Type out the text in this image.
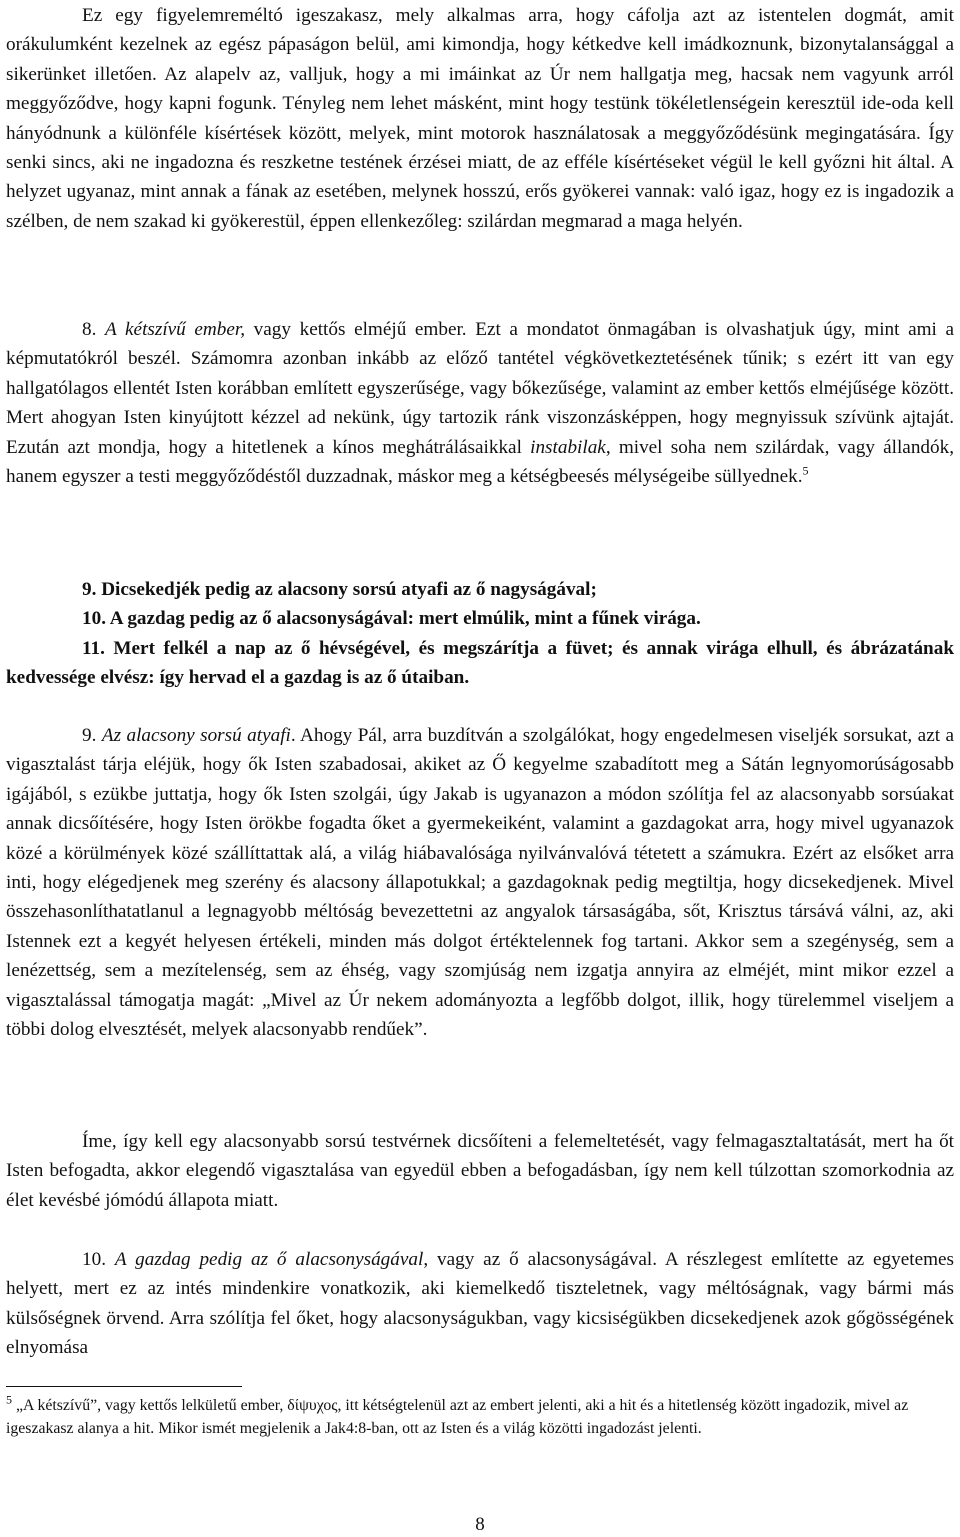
Ez egy figyelemreméltó igeszakasz, mely alkalmas arra, hogy cáfolja azt az istentelen dogmát, amit orákulumként kezelnek az egész pápaságon belül, ami kimondja, hogy kétkedve kell imádkoznunk, bizonytalansággal a sikerünket illetően. Az alapelv az, valljuk, hogy a mi imáinkat az Úr nem hallgatja meg, hacsak nem vagyunk arról meggyőződve, hogy kapni fogunk. Tényleg nem lehet másként, mint hogy testünk tökéletlenségein keresztül ide-oda kell hányódnunk a különféle kísértések között, melyek, mint motorok használatosak a meggyőződésünk megingatására. Így senki sincs, aki ne ingadozna és reszketne testének érzései miatt, de az efféle kísértéseket végül le kell győzni hit által. A helyzet ugyanaz, mint annak a fának az esetében, melynek hosszú, erős gyökerei vannak: való igaz, hogy ez is ingadozik a szélben, de nem szakad ki gyökerestül, éppen ellenkezőleg: szilárdan megmarad a maga helyén.

8. A kétszívű ember, vagy kettős elméjű ember. Ezt a mondatot önmagában is olvashatjuk úgy, mint ami a képmutatókról beszél. Számomra azonban inkább az előző tantétel végkövetkeztetésének tűnik; s ezért itt van egy hallgatólagos ellentét Isten korábban említett egyszerűsége, vagy bőkezűsége, valamint az ember kettős elméjűsége között. Mert ahogyan Isten kinyújtott kézzel ad nekünk, úgy tartozik ránk viszonzásképpen, hogy megnyissuk szívünk ajtaját. Ezután azt mondja, hogy a hitetlenek a kínos meghátrálásaikkal instabilak, mivel soha nem szilárdak, vagy állandók, hanem egyszer a testi meggyőződéstől duzzadnak, máskor meg a kétségbeesés mélységeibe süllyednek.$^5$

9. Dicsekedjék pedig az alacsony sorsú atyafi az ő nagyságával;
10. A gazdag pedig az ő alacsonyságával: mert elmúlik, mint a fűnek virága.
11. Mert felkél a nap az ő hévségével, és megszárítja a füvet; és annak virága elhull, és ábrázatának kedvessége elvész: így hervad el a gazdag is az ő útaiban.

9. Az alacsony sorsú atyafi. Ahogy Pál, arra buzdítván a szolgálókat, hogy engedelmesen viseljék sorsukat, azt a vigasztalást tárja eléjük, hogy ők Isten szabadosai, akiket az Ő kegyelme szabadított meg a Sátán legnyomorúságosabb igájából, s ezükbe juttatja, hogy ők Isten szolgái, úgy Jakab is ugyanazon a módon szólítja fel az alacsonyabb sorsúakat annak dicsőítésére, hogy Isten örökbe fogadta őket a gyermekeiként, valamint a gazdagokat arra, hogy mivel ugyanazok közé a körülmények közé szállíttattak alá, a világ hiábavalósága nyilvánvalóvá tétetett a számukra. Ezért az elsőket arra inti, hogy elégedjenek meg szerény és alacsony állapotukkal; a gazdagoknak pedig megtiltja, hogy dicsekedjenek. Mivel összehasonlíthatatlanul a legnagyobb méltóság bevezettetni az angyalok társaságába, sőt, Krisztus társává válni, az, aki Istennek ezt a kegyét helyesen értékeli, minden más dolgot értéktelennek fog tartani. Akkor sem a szegénység, sem a lenézettség, sem a mezítelenség, sem az éhség, vagy szomjúság nem izgatja annyira az elméjét, mint mikor ezzel a vigasztalással támogatja magát: „Mivel az Úr nekem adományozta a legfőbb dolgot, illik, hogy türelemmel viseljem a többi dolog elvesztését, melyek alacsonyabb rendűek”.

Íme, így kell egy alacsonyabb sorsú testvérnek dicsőíteni a felemeltetését, vagy felmagasztaltatását, mert ha őt Isten befogadta, akkor elegendő vigasztalása van egyedül ebben a befogadásban, így nem kell túlzottan szomorkodnia az élet kevésbé jómódú állapota miatt.

10. A gazdag pedig az ő alacsonyságával, vagy az ő alacsonyságával. A részlegest említette az egyetemes helyett, mert ez az intés mindenkire vonatkozik, aki kiemelkedő tiszteletnek, vagy méltóságnak, vagy bármi más külsőségnek örvend. Arra szólítja fel őket, hogy alacsonyságukban, vagy kicsiségükben dicsekedjenek azok gőgösségének elnyomása

$^5$ „A kétszívű”, vagy kettős lelkületű ember, δίψυχος, itt kétségtelenül azt az embert jelenti, aki a hit és a hitetlenség között ingadozik, mivel az igeszakasz alanya a hit. Mikor ismét megjelenik a Jak4:8-ban, ott az Isten és a világ közötti ingadozást jelenti.

8
